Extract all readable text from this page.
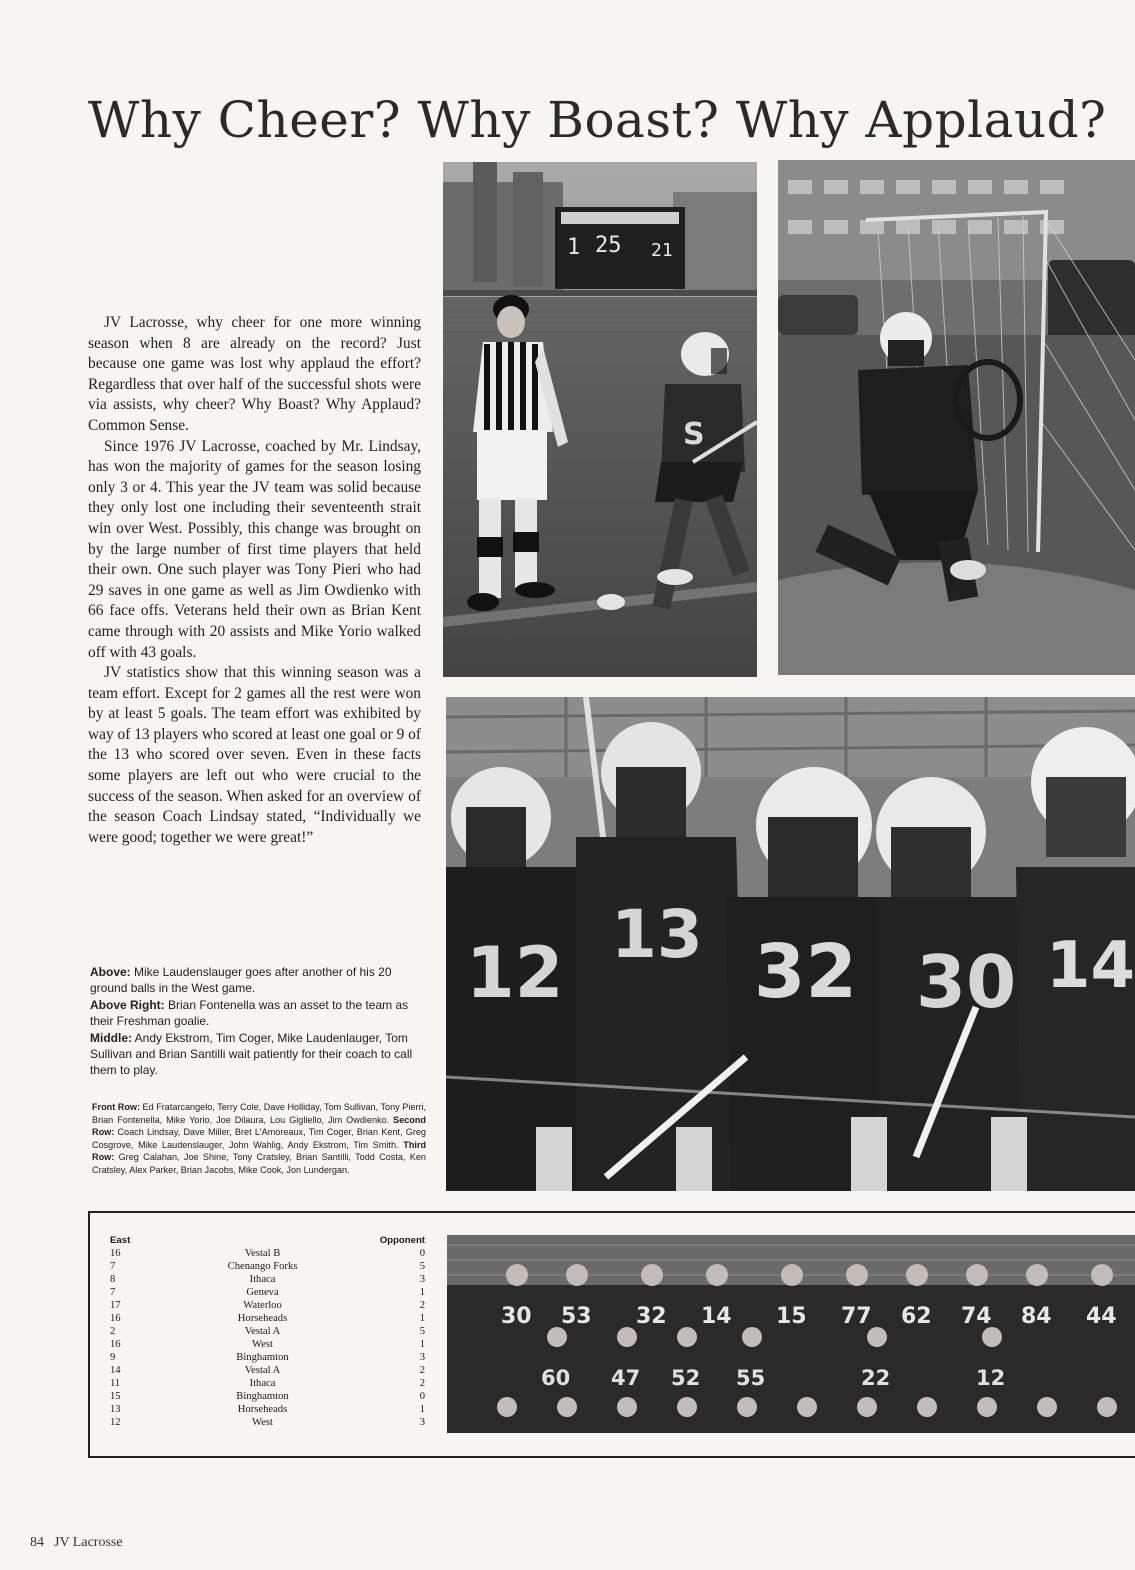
Why Cheer? Why Boast? Why Applaud?
1 25 21
S
12 13 32 30 14

JV Lacrosse, why cheer for one more winning season when 8 are already on the record? Just because one game was lost why applaud the effort? Regardless that over half of the successful shots were via assists, why cheer? Why Boast? Why Applaud? Common Sense.

Since 1976 JV Lacrosse, coached by Mr. Lindsay, has won the majority of games for the season losing only 3 or 4. This year the JV team was solid because they only lost one including their seventeenth strait win over West. Possibly, this change was brought on by the large number of first time players that held their own. One such player was Tony Pieri who had 29 saves in one game as well as Jim Owdienko with 66 face offs. Veterans held their own as Brian Kent came through with 20 assists and Mike Yorio walked off with 43 goals.

JV statistics show that this winning season was a team effort. Except for 2 games all the rest were won by at least 5 goals. The team effort was exhibited by way of 13 players who scored at least one goal or 9 of the 13 who scored over seven. Even in these facts some players are left out who were crucial to the success of the season. When asked for an overview of the season Coach Lindsay stated, “Individually we were good; together we were great!”

Above: Mike Laudenslauger goes after another of his 20 ground balls in the West game.

Above Right: Brian Fontenella was an asset to the team as their Freshman goalie.

Middle: Andy Ekstrom, Tim Coger, Mike Laudenlauger, Tom Sullivan and Brian Santilli wait patiently for their coach to call them to play.

Front Row: Ed Fratarcangelo, Terry Cole, Dave Holliday, Tom Sullivan, Tony Pierri, Brian Fontenella, Mike Yorio, Joe Dilaura, Lou Gigliello, Jim Owdienko. Second Row: Coach Lindsay, Dave Miller, Bret L'Amoreaux, Tim Coger, Brian Kent, Greg Cosgrove, Mike Laudenslauger, John Wahlig, Andy Ekstrom, Tim Smith. Third Row: Greg Calahan, Joe Shine, Tony Cratsley, Brian Santilli, Todd Costa, Ken Cratsley, Alex Parker, Brian Jacobs, Mike Cook, Jon Lundergan.
East	Opponent
16	Vestal B	0
7	Chenango Forks	5
8	Ithaca	3
7	Geneva	1
17	Waterloo	2
16	Horseheads	1
2	Vestal A	5
16	West	1
9	Binghamton	3
14	Vestal A	2
11	Ithaca	2
15	Binghamton	0
13	Horseheads	1
12	West	3
30 53 32 14 15 77 62 74 84 44
60 47 52 55	22	12
84 JV Lacrosse
